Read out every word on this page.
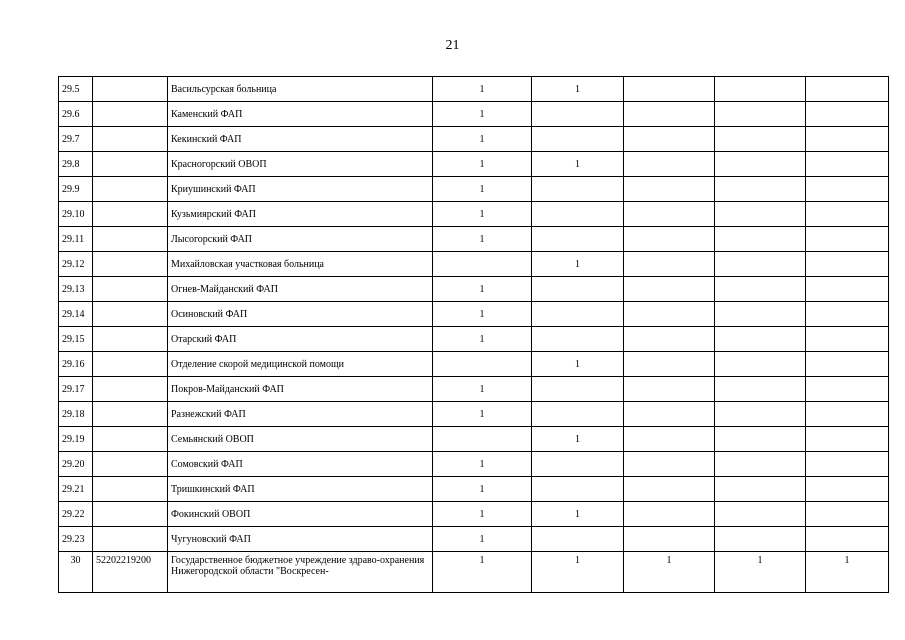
21
29.5		Васильсурская больница	1	1			
29.6		Каменский ФАП	1				
29.7		Кекинский ФАП	1				
29.8		Красногорский ОВОП	1	1			
29.9		Криушинский ФАП	1				
29.10		Кузьмиярский ФАП	1				
29.11		Лысогорский ФАП	1				
29.12		Михайловская участковая больница		1			
29.13		Огнев-Майданский ФАП	1				
29.14		Осиновский ФАП	1				
29.15		Отарский ФАП	1				
29.16		Отделение скорой медицинской помощи		1			
29.17		Покров-Майданский ФАП	1				
29.18		Разнежский ФАП	1				
29.19		Семьянский ОВОП		1			
29.20		Сомовский ФАП	1				
29.21		Тришкинский ФАП	1				
29.22		Фокинский ОВОП	1	1			
29.23		Чугуновский ФАП	1				
30	52202219200	Государственное бюджетное учреждение здраво-охранения Нижегородской области "Воскресен-	1	1	1	1	1
